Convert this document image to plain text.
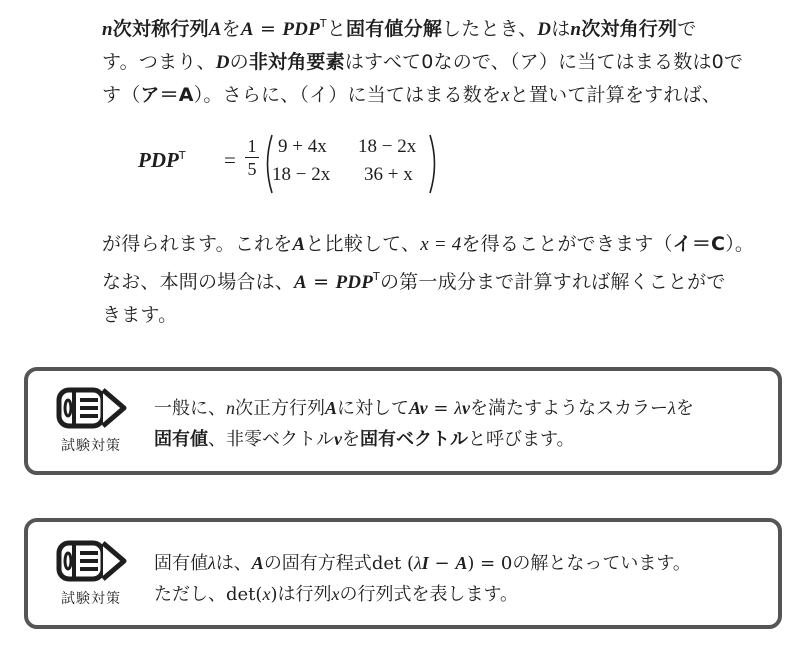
n次対称行列Aを$A = PDP^T$と固有値分解したとき、Dはn次対角行列で
す。つまり、Dの非対角要素はすべて0なので、（ア）に当てはまる数は0で
す（ア＝A）。さらに、（イ）に当てはまる数をxと置いて計算をすれば、
$PDP^T$ =
1
5
9 + 4x 18 − 2x
18 − 2x 36 + x
が得られます。これをAと比較して、x = 4を得ることができます（イ＝C）。
なお、本問の場合は、$A = PDP^T$の第一成分まで計算すれば解くことがで
きます。
試験対策
一般に、n次正方行列Aに対してAv = λvを満たすようなスカラーλを
固有値、非零ベクトルvを固有ベクトルと呼びます。
試験対策
固有値λは、Aの固有方程式det (λI − A) = 0の解となっています。
ただし、det(x)は行列xの行列式を表します。
